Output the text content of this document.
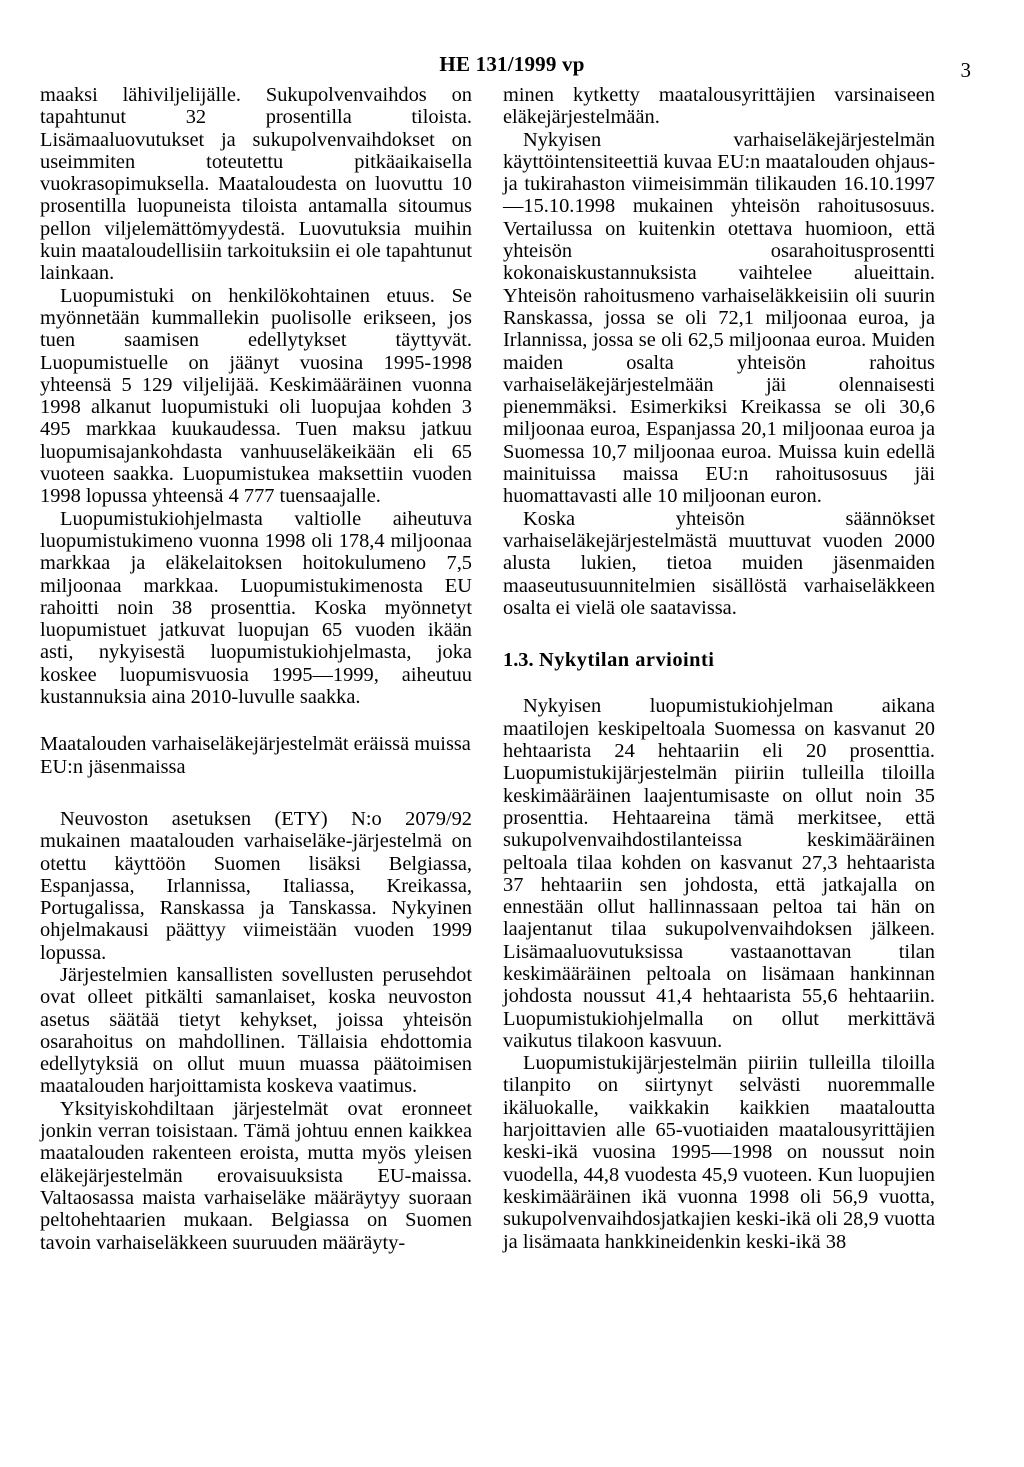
HE 131/1999 vp	3

maaksi lähiviljelijälle. Sukupolvenvaihdos on tapahtunut 32 prosentilla tiloista. Lisämaaluovutukset ja sukupolvenvaihdokset on useimmiten toteutettu pitkäaikaisella vuokrasopimuksella. Maataloudesta on luovuttu 10 prosentilla luopuneista tiloista antamalla sitoumus pellon viljelemättömyydestä. Luovutuksia muihin kuin maataloudellisiin tarkoituksiin ei ole tapahtunut lainkaan.

Luopumistuki on henkilökohtainen etuus. Se myönnetään kummallekin puolisolle erikseen, jos tuen saamisen edellytykset täyttyvät. Luopumistuelle on jäänyt vuosina 1995-1998 yhteensä 5 129 viljelijää. Keskimääräinen vuonna 1998 alkanut luopumistuki oli luopujaa kohden 3 495 markkaa kuukaudessa. Tuen maksu jatkuu luopumisajankohdasta vanhuuseläkeikään eli 65 vuoteen saakka. Luopumistukea maksettiin vuoden 1998 lopussa yhteensä 4 777 tuensaajalle.

Luopumistukiohjelmasta valtiolle aiheutuva luopumistukimeno vuonna 1998 oli 178,4 miljoonaa markkaa ja eläkelaitoksen hoitokulumeno 7,5 miljoonaa markkaa. Luopumistukimenosta EU rahoitti noin 38 prosenttia. Koska myönnetyt luopumistuet jatkuvat luopujan 65 vuoden ikään asti, nykyisestä luopumistukiohjelmasta, joka koskee luopumisvuosia 1995—1999, aiheutuu kustannuksia aina 2010-luvulle saakka.

Maatalouden varhaiseläkejärjestelmät eräissä muissa EU:n jäsenmaissa

Neuvoston asetuksen (ETY) N:o 2079/92 mukainen maatalouden varhaiseläke-järjestelmä on otettu käyttöön Suomen lisäksi Belgiassa, Espanjassa, Irlannissa, Italiassa, Kreikassa, Portugalissa, Ranskassa ja Tanskassa. Nykyinen ohjelmakausi päättyy viimeistään vuoden 1999 lopussa.

Järjestelmien kansallisten sovellusten perusehdot ovat olleet pitkälti samanlaiset, koska neuvoston asetus säätää tietyt kehykset, joissa yhteisön osarahoitus on mahdollinen. Tällaisia ehdottomia edellytyksiä on ollut muun muassa päätoimisen maatalouden harjoittamista koskeva vaatimus.

Yksityiskohdiltaan järjestelmät ovat eronneet jonkin verran toisistaan. Tämä johtuu ennen kaikkea maatalouden rakenteen eroista, mutta myös yleisen eläkejärjestelmän erovaisuuksista EU-maissa. Valtaosassa maista varhaiseläke määräytyy suoraan peltohehtaarien mukaan. Belgiassa on Suomen tavoin varhaiseläkkeen suuruuden määräyty-

minen kytketty maatalousyrittäjien varsinaiseen eläkejärjestelmään.

Nykyisen varhaiseläkejärjestelmän käyttöintensiteettiä kuvaa EU:n maatalouden ohjaus- ja tukirahaston viimeisimmän tilikauden 16.10.1997—15.10.1998 mukainen yhteisön rahoitusosuus. Vertailussa on kuitenkin otettava huomioon, että yhteisön osarahoitusprosentti kokonaiskustannuksista vaihtelee alueittain. Yhteisön rahoitusmeno varhaiseläkkeisiin oli suurin Ranskassa, jossa se oli 72,1 miljoonaa euroa, ja Irlannissa, jossa se oli 62,5 miljoonaa euroa. Muiden maiden osalta yhteisön rahoitus varhaiseläkejärjestelmään jäi olennaisesti pienemmäksi. Esimerkiksi Kreikassa se oli 30,6 miljoonaa euroa, Espanjassa 20,1 miljoonaa euroa ja Suomessa 10,7 miljoonaa euroa. Muissa kuin edellä mainituissa maissa EU:n rahoitusosuus jäi huomattavasti alle 10 miljoonan euron.

Koska yhteisön säännökset varhaiseläkejärjestelmästä muuttuvat vuoden 2000 alusta lukien, tietoa muiden jäsenmaiden maaseutusuunnitelmien sisällöstä varhaiseläkkeen osalta ei vielä ole saatavissa.

1.3. Nykytilan arviointi

Nykyisen luopumistukiohjelman aikana maatilojen keskipeltoala Suomessa on kasvanut 20 hehtaarista 24 hehtaariin eli 20 prosenttia. Luopumistukijärjestelmän piiriin tulleilla tiloilla keskimääräinen laajentumisaste on ollut noin 35 prosenttia. Hehtaareina tämä merkitsee, että sukupolvenvaihdostilanteissa keskimääräinen peltoala tilaa kohden on kasvanut 27,3 hehtaarista 37 hehtaariin sen johdosta, että jatkajalla on ennestään ollut hallinnassaan peltoa tai hän on laajentanut tilaa sukupolvenvaihdoksen jälkeen. Lisämaaluovutuksissa vastaanottavan tilan keskimääräinen peltoala on lisämaan hankinnan johdosta noussut 41,4 hehtaarista 55,6 hehtaariin. Luopumistukiohjelmalla on ollut merkittävä vaikutus tilakoon kasvuun.

Luopumistukijärjestelmän piiriin tulleilla tiloilla tilanpito on siirtynyt selvästi nuoremmalle ikäluokalle, vaikkakin kaikkien maataloutta harjoittavien alle 65-vuotiaiden maatalousyrittäjien keski-ikä vuosina 1995—1998 on noussut noin vuodella, 44,8 vuodesta 45,9 vuoteen. Kun luopujien keskimääräinen ikä vuonna 1998 oli 56,9 vuotta, sukupolvenvaihdosjatkajien keski-ikä oli 28,9 vuotta ja lisämaata hankkineidenkin keski-ikä 38
